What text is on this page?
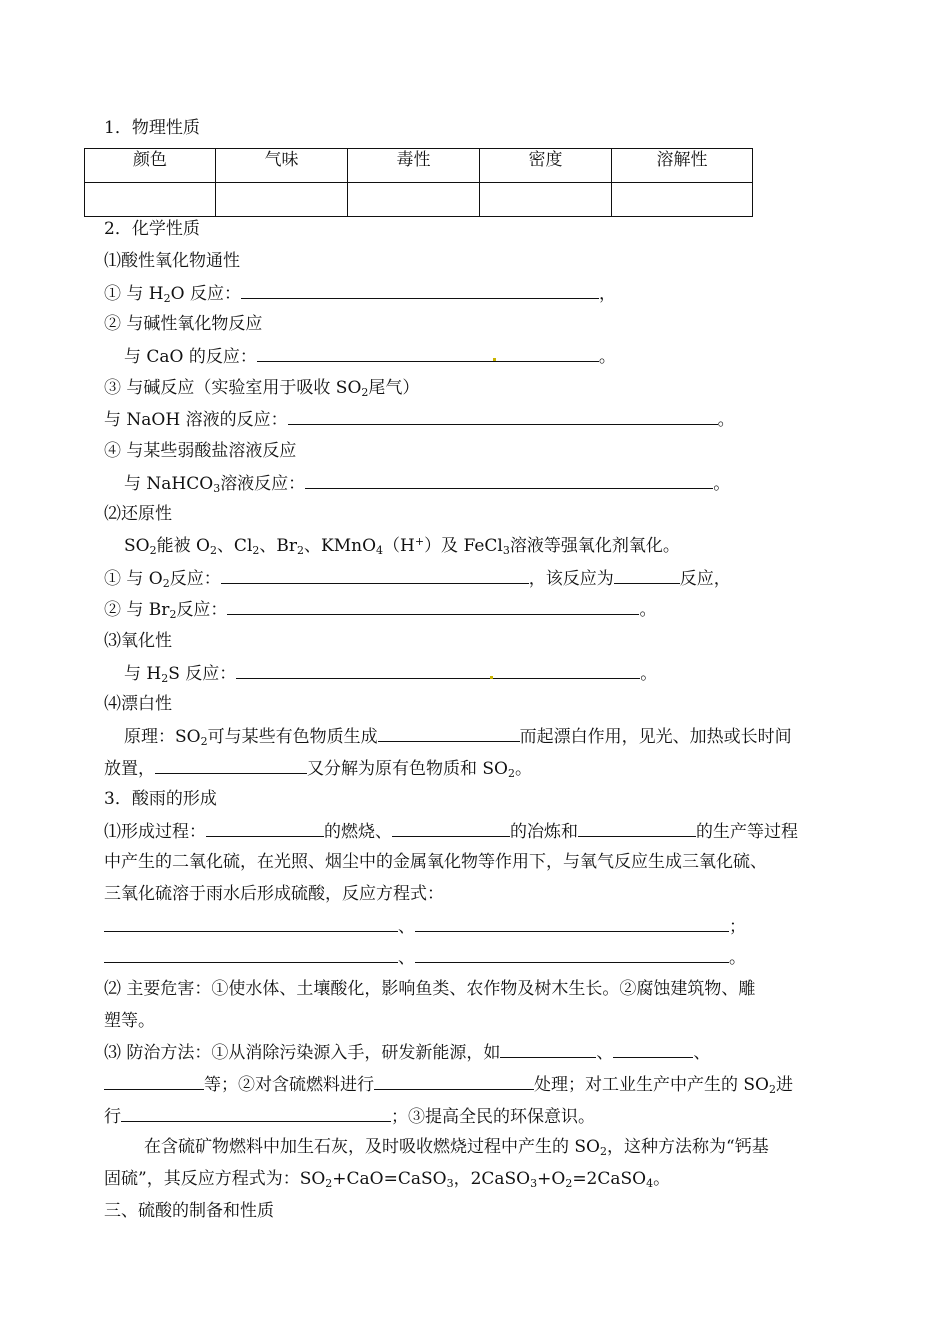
1．物理性质
颜色	气味	毒性	密度	溶解性

2．化学性质
⑴酸性氧化物通性
① 与 $H_2O$ 反应：	，
② 与碱性氧化物反应
与 CaO 的反应：	。
③ 与碱反应（实验室用于吸收 $SO_2$尾气）
与 NaOH 溶液的反应：	。
④ 与某些弱酸盐溶液反应
与 NaHCO$_3$溶液反应：	。
⑵还原性
$SO_2$能被 $O_2$、$Cl_2$、$Br_2$、KMnO$_4$（H+）及 FeCl$_3$溶液等强氧化剂氧化。
① 与 $O_2$反应：	，该反应为	反应，
② 与 $Br_2$反应：	。
⑶氧化性
与 $H_2S$ 反应：	。
⑷漂白性
原理：$SO_2$可与某些有色物质生成	而起漂白作用，见光、加热或长时间
放置，	又分解为原有色物质和 $SO_2$。
3．酸雨的形成
⑴形成过程：	的燃烧、	的冶炼和	的生产等过程
中产生的二氧化硫，在光照、烟尘中的金属氧化物等作用下，与氧气反应生成三氧化硫、
三氧化硫溶于雨水后形成硫酸，反应方程式：
、	；
、	。
⑵ 主要危害：①使水体、土壤酸化，影响鱼类、农作物及树木生长。②腐蚀建筑物、雕
塑等。
⑶ 防治方法：①从消除污染源入手，研发新能源，如	、	、
等；②对含硫燃料进行	处理；对工业生产中产生的 $SO_2$进
行	；③提高全民的环保意识。
在含硫矿物燃料中加生石灰，及时吸收燃烧过程中产生的 $SO_2$，这种方法称为“钙基
固硫”，其反应方程式为：$SO_2+CaO=CaSO_3$，$2CaSO_3+O_2=2CaSO_4$。
三、硫酸的制备和性质
